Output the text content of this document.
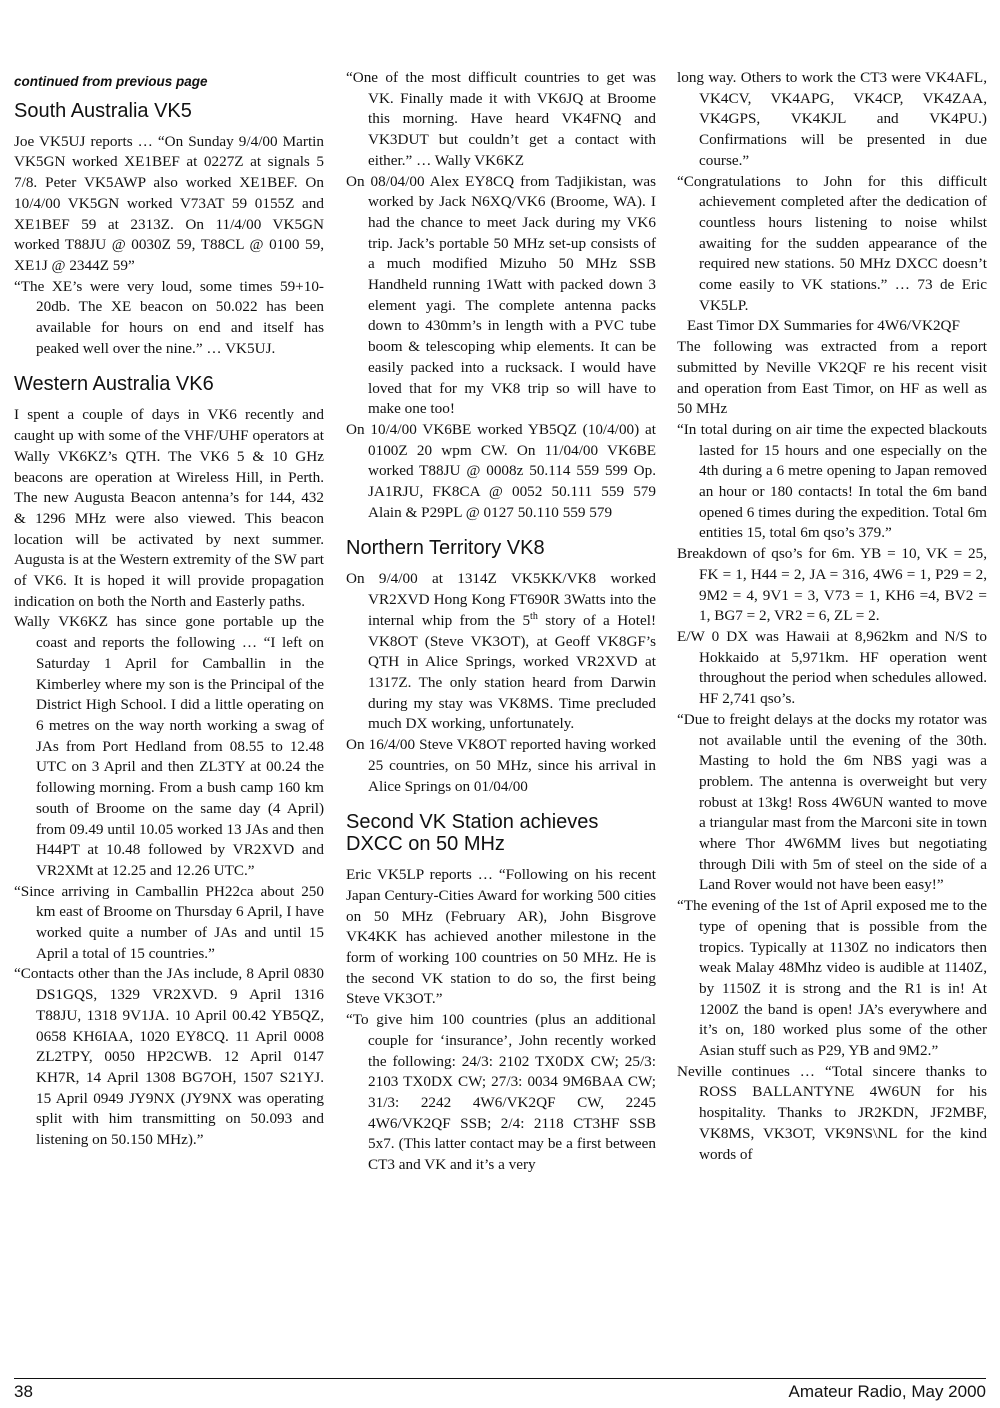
continued from previous page

South Australia VK5

Joe VK5UJ reports … “On Sunday 9/4/00 Martin VK5GN worked XE1BEF at 0227Z at signals 5 7/8. Peter VK5AWP also worked XE1BEF. On 10/4/00 VK5GN worked V73AT 59 0155Z and XE1BEF 59 at 2313Z. On 11/4/00 VK5GN worked T88JU @ 0030Z 59, T88CL @ 0100 59, XE1J @ 2344Z 59”

“The XE’s were very loud, some times 59+10-20db. The XE beacon on 50.022 has been available for hours on end and itself has peaked well over the nine.” … VK5UJ.

Western Australia VK6

I spent a couple of days in VK6 recently and caught up with some of the VHF/UHF operators at Wally VK6KZ’s QTH. The VK6 5 & 10 GHz beacons are operation at Wireless Hill, in Perth. The new Augusta Beacon antenna’s for 144, 432 & 1296 MHz were also viewed. This beacon location will be activated by next summer. Augusta is at the Western extremity of the SW part of VK6. It is hoped it will provide propagation indication on both the North and Easterly paths.

Wally VK6KZ has since gone portable up the coast and reports the following … “I left on Saturday 1 April for Camballin in the Kimberley where my son is the Principal of the District High School. I did a little operating on 6 metres on the way north working a swag of JAs from Port Hedland from 08.55 to 12.48 UTC on 3 April and then ZL3TY at 00.24 the following morning. From a bush camp 160 km south of Broome on the same day (4 April) from 09.49 until 10.05 worked 13 JAs and then H44PT at 10.48 followed by VR2XVD and VR2XMt at 12.25 and 12.26 UTC.”

“Since arriving in Camballin PH22ca about 250 km east of Broome on Thursday 6 April, I have worked quite a number of JAs and until 15 April a total of 15 countries.”

“Contacts other than the JAs include, 8 April 0830 DS1GQS, 1329 VR2XVD. 9 April 1316 T88JU, 1318 9V1JA. 10 April 00.42 YB5QZ, 0658 KH6IAA, 1020 EY8CQ. 11 April 0008 ZL2TPY, 0050 HP2CWB. 12 April 0147 KH7R, 14 April 1308 BG7OH, 1507 S21YJ. 15 April 0949 JY9NX (JY9NX was operating split with him transmitting on 50.093 and listening on 50.150 MHz).”

“One of the most difficult countries to get was VK. Finally made it with VK6JQ at Broome this morning. Have heard VK4FNQ and VK3DUT but couldn’t get a contact with either.” … Wally VK6KZ

On 08/04/00 Alex EY8CQ from Tadjikistan, was worked by Jack N6XQ/VK6 (Broome, WA). I had the chance to meet Jack during my VK6 trip. Jack’s portable 50 MHz set-up consists of a much modified Mizuho 50 MHz SSB Handheld running 1Watt with packed down 3 element yagi. The complete antenna packs down to 430mm’s in length with a PVC tube boom & telescoping whip elements. It can be easily packed into a rucksack. I would have loved that for my VK8 trip so will have to make one too!

On 10/4/00 VK6BE worked YB5QZ (10/4/00) at 0100Z 20 wpm CW. On 11/04/00 VK6BE worked T88JU @ 0008z 50.114 559 599 Op. JA1RJU, FK8CA @ 0052 50.111 559 579 Alain & P29PL @ 0127 50.110 559 579

Northern Territory VK8

On 9/4/00 at 1314Z VK5KK/VK8 worked VR2XVD Hong Kong FT690R 3Watts into the internal whip from the 5th story of a Hotel! VK8OT (Steve VK3OT), at Geoff VK8GF’s QTH in Alice Springs, worked VR2XVD at 1317Z. The only station heard from Darwin during my stay was VK8MS. Time precluded much DX working, unfortunately.

On 16/4/00 Steve VK8OT reported having worked 25 countries, on 50 MHz, since his arrival in Alice Springs on 01/04/00

Second VK Station achieves DXCC on 50 MHz

Eric VK5LP reports … “Following on his recent Japan Century-Cities Award for working 500 cities on 50 MHz (February AR), John Bisgrove VK4KK has achieved another milestone in the form of working 100 countries on 50 MHz. He is the second VK station to do so, the first being Steve VK3OT.”

“To give him 100 countries (plus an additional couple for ‘insurance’, John recently worked the following: 24/3: 2102 TX0DX CW; 25/3: 2103 TX0DX CW; 27/3: 0034 9M6BAA CW; 31/3: 2242 4W6/VK2QF CW, 2245 4W6/VK2QF SSB; 2/4: 2118 CT3HF SSB 5x7. (This latter contact may be a first between CT3 and VK and it’s a very

long way. Others to work the CT3 were VK4AFL, VK4CV, VK4APG, VK4CP, VK4ZAA, VK4GPS, VK4KJL and VK4PU.) Confirmations will be presented in due course.”

“Congratulations to John for this difficult achievement completed after the dedication of countless hours listening to noise whilst awaiting for the sudden appearance of the required new stations. 50 MHz DXCC doesn’t come easily to VK stations.” … 73 de Eric VK5LP.

East Timor DX Summaries for 4W6/VK2QF

The following was extracted from a report submitted by Neville VK2QF re his recent visit and operation from East Timor, on HF as well as 50 MHz

“In total during on air time the expected blackouts lasted for 15 hours and one especially on the 4th during a 6 metre opening to Japan removed an hour or 180 contacts! In total the 6m band opened 6 times during the expedition. Total 6m entities 15, total 6m qso’s 379.”

Breakdown of qso’s for 6m. YB = 10, VK = 25, FK = 1, H44 = 2, JA = 316, 4W6 = 1, P29 = 2, 9M2 = 4, 9V1 = 3, V73 = 1, KH6 =4, BV2 = 1, BG7 = 2, VR2 = 6, ZL = 2.

E/W 0 DX was Hawaii at 8,962km and N/S to Hokkaido at 5,971km. HF operation went throughout the period when schedules allowed. HF 2,741 qso’s.

“Due to freight delays at the docks my rotator was not available until the evening of the 30th. Masting to hold the 6m NBS yagi was a problem. The antenna is overweight but very robust at 13kg! Ross 4W6UN wanted to move a triangular mast from the Marconi site in town where Thor 4W6MM lives but negotiating through Dili with 5m of steel on the side of a Land Rover would not have been easy!”

“The evening of the 1st of April exposed me to the type of opening that is possible from the tropics. Typically at 1130Z no indicators then weak Malay 48Mhz video is audible at 1140Z, by 1150Z it is strong and the R1 is in! At 1200Z the band is open! JA’s everywhere and it’s on, 180 worked plus some of the other Asian stuff such as P29, YB and 9M2.”

Neville continues … “Total sincere thanks to ROSS BALLANTYNE 4W6UN for his hospitality. Thanks to JR2KDN, JF2MBF, VK8MS, VK3OT, VK9NS\NL for the kind words of

38	Amateur Radio, May 2000
